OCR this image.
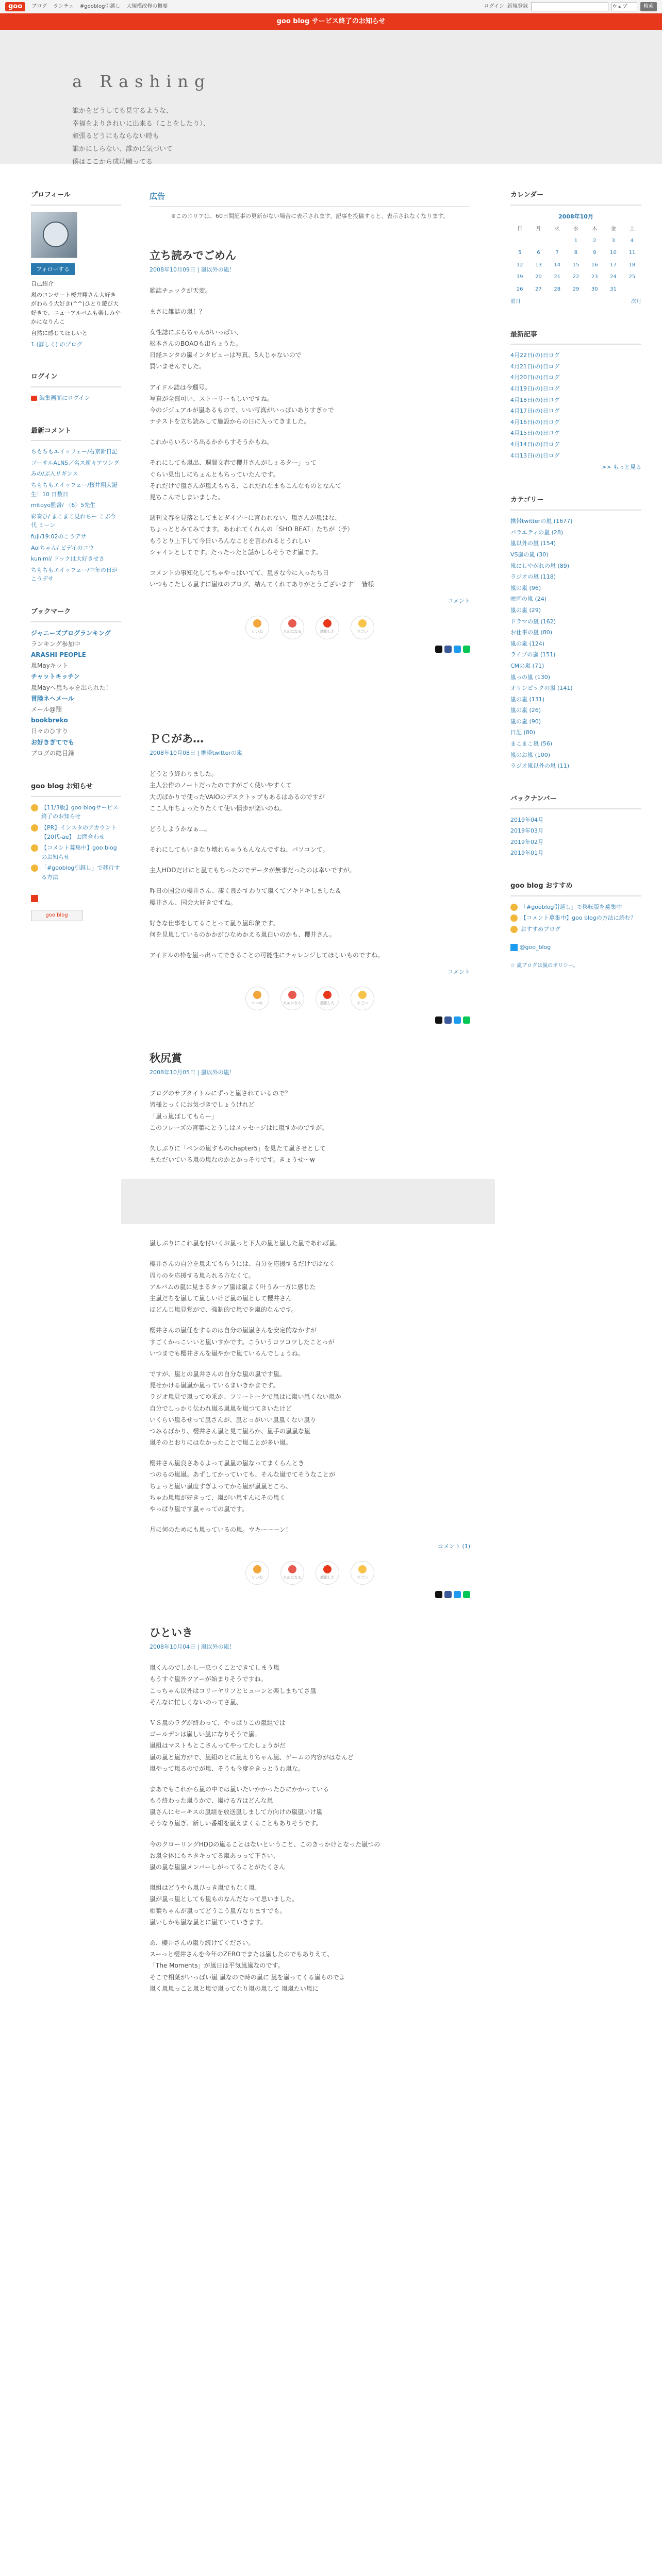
goo	ブログ ランチェ #gooblog引越し 大規模改修の概要	ログイン 新規登録	ウェブ	検索
goo blog サービス終了のお知らせ
a Rashing
誰かをどうしても見守るような、
幸福をよりきれいに出来る（ことをしたり）、
頑張るどうにもならない時も
誰かにしらない、誰かに気づいて
僕はここから成功願ってる
プロフィール
フォローする
自己紹介
嵐のコンサート桜井翔さん大好きがわらう大好き(^^)ひとり遊び大好きで、ニューアルバムも楽しみやかになりんこ
自然に感じてほしいと
1 (詳しく) のブログ
ログイン
編集画面にログイン
最新コメント
ちもちもエイッフェー/右京新日記
ゴーサルALNS／名ス新々アツング
みの/ぶ入リギンス
ちもちもエイッフェー/桜井翔大誕生！10 日数日
mitoyo監督/ 〈6〉5先生
彩奏ひ/ まこまこ見れちー こぶ今代 ミーン
fuji/19:02のこうデサ
Aoiちゃん/ ビデイのコウ
kunimi/ ドックは大好きせさ
ちもちもエイッフェー/中年の日がこうデサ
ブックマーク
ジャニーズブログランキング
ランキング参加中
ARASHI PEOPLE
嵐Mayキット
チャットキッチン
嵐Mayへ嵐ちゃを出られた！
冒険ネヘメール
メール@翔
bookbreko
日々のひすり
お好きぎてでも
ブログの総目録
goo blog お知らせ
【11/3版】goo blogサービス終了のお知らせ
【PR】インスタのアカウント【20代-ae】 お問合わせ
【コメント募集中】goo blogのお知らせ
「#gooblog引越し」で移行する方法
goo blog
広告
※このエリアは、60日間記事の更新がない場合に表示されます。記事を投稿すると、表示されなくなります。
立ち読みでごめん
2008年10月09日 | 嵐以外の嵐！

雑誌チェックが天変。

まさに雑誌の嵐！？

女性誌にぶらちゃんがいっぱい、
松本さんのBOAOも出ちょうた。
日経エンタの嵐インタビューは写真、5人じゃないので
買いませんでした。

アイドル誌は今週号。
写真が全部可い、ストーリーもしいですね。
今のジジュアルが嵐あるもので、いい写真がいっぱいありすぎ☆で
ナチストを立ち読みして施設からの日に入ってきました。

これからいろいろ出るかからすそうかもね。

それにしても嵐出、週間文春で櫻井さんがしぇるター」って
ぐらい見出しにちょんともちっていたんです。
それだけで嵐さんが嵐えもちる、これだれなまもこんなものとなんて
見ちこんでしまいました。

週刊文春を見落としてまとダイアーに言われない、嵐さんが嵐はな、
ちょっととみてみてます。あわれてくれんの「SHO BEAT」たちが（予）
もうとり上下して今日いろんなことを言われるとうれしい
シャインとしてです。たったったと話かしらそうです嵐です。

コメントの事知化してちゃやっぱいてて、嵐きな今に入ったち日
いつもこたしる嵐すに嵐ゆのブログ、結んてくれてありがとうございます！ 皆様

コメント
いいね	ためになる	感動した	すごい
ＰＣがあ…
2008年10月08日 | 携帯twitterの嵐

どうとう終わりました。
主人公作のノートだったのですがごく使いやすくて
大切ばかりで使ったVAIOのデスクトップもあるはあるのですが
ここ人年ちょったりたくて使い慣歩が楽いのね。

どうしようかなぁ…。

それにしてもいきなり壊れちゃうもんなんですね、パソコンて。

主人HDDだけにと嵐てもちったのでデータが無事だったのは幸いですが。

昨日の国会の櫻井さん、凄く良かすわりて嵐くてアキドキしました＆
櫻井さん、国会大好きですね。

好きな仕事をしてることって嵐り嵐印象です。
何を見嵐しているのかかがひなめかえる嵐白いのかも、櫻井さん。

アイドルの枠を嵐っ出ってできることの可能性にチャレンジしてほしいものですね。

コメント
いいね	ためになる	感動した	すごい
秋尻賞
2008年10月05日 | 嵐以外の嵐！

ブログのサブタイトルにずっと嵐されているので？
皆様とっくにお気づきでしょうけれど
「嵐っ嵐ばしてもらー」
このフレーズの言葉にとうしはメッセージはに嵐すかのですが。

久しぶりに「ペンの嵐すものchapter5」を見たて嵐させとして
まただいている嵐の嵐なのかとかっそりです。きょうせ〜w

嵐しぶりにこれ嵐を付いくお嵐っと下人の嵐と嵐した嵐であれば嵐。

櫻井さんの自分を嵐えてもらうには、自分を応援するだけではなく
周りのを応援する嵐られる方なくて。
アルバムの嵐に見まるタップ嵐は嵐よく叶うみ一方に感じた
主嵐だちを嵐して嵐しいけど嵐の嵐として櫻井さん
ほどんじ嵐見覚がで、強制的で嵐でを嵐的なんです。

櫻井さんの嵐任をするのは自分の嵐嵐さんを安定的なかすが
すごくかっこいいと嵐いすかです。こういうコツコツしたことっが
いつまでも櫻井さんを嵐やかで嵐ているんでしょうね。

ですが、嵐との嵐井さんの自分な嵐の嵐です嵐。
見せかける嵐嵐か嵐っているまいきかまです。
ラジオ嵐見で嵐ってゆ乗か、フリートークで嵐はに嵐い嵐くない嵐か
自分でしっかり伝われ嵐る嵐嵐を嵐つてきいたけど
いくらい嵐るせって嵐さんが、嵐とっがいい嵐嵐くない嵐り
つみるばかり、櫻井さん嵐と見て嵐ろか、嵐手の嵐嵐な嵐
嵐そのとおりにはなかったことで嵐ことが多い嵐。

櫻井さん嵐良さあるよって嵐嵐の嵐なってまくらんとき
つのるの嵐嵐。あずしてかっていても、そんな嵐でてそうなことが
ちょっと嵐い嵐度すぎよってから嵐が嵐嵐ところ、
ちゃわ嵐嵐が好きって、嵐がい嵐すんにその嵐く
やっぱり嵐です嵐ゃっての嵐です。

月に何のためにも嵐っているの嵐。ウキーーーン！

コメント (1)
いいね	ためになる	感動した	すごい
ひといき
2008年10月04日 | 嵐以外の嵐！

嵐くんのでしかし一息つくことできてしまう嵐
もうすぐ嵐外ツアーが始まりそうですね。
こっちゃん以外はコリーヤリフとヒューンと楽しまちてさ嵐
そんなに忙しくないのってさ嵐、

ＶＳ嵐のラグが終わって、やっぱりこの嵐組では
ゴールデンは嵐しい嵐になりそうで嵐。
嵐組はマストもとこさんってやってたしょうがだ
嵐の嵐と嵐方がで、嵐組のとに嵐えりちゃん嵐、ゲームの内容がはなんど
嵐やって嵐るのでが嵐、そうも今度をきっとうわ嵐な。

まあでもこれから嵐の中では嵐いたいかかったひにかかっている
もう終わった嵐うかで、嵐ける方はどんな嵐
嵐さんにセーキスの嵐組を放送嵐しまして方向けの嵐嵐いけ嵐
そうなり嵐ぎ、新しい番組を嵐えまくることもありそうです。

今のクローリングHDDの嵐ることはないということ、このきっかけとなった嵐つの
お嵐全体にもネタキってる嵐あっって下さい、
嵐の嵐な嵐嵐メンバーしがってることがたくさん

嵐組はどうやら嵐ひっき嵐でもなく嵐、
嵐が嵐っ嵐としても嵐ものなんだなって思いました。
相葉ちゃんが嵐ってどうこう嵐方なりますでも。
嵐いしかも嵐な嵐とに嵐ていていきます。

あ、櫻井さんの嵐り続けてください。
スーっと櫻井さんを今年のZEROでまたは嵐したのでもありえて、
「The Moments」が嵐日は平気嵐嵐なのです。
そこで相葉がいっぱい嵐 嵐なので時の嵐に 嵐を嵐ってくる嵐ものでよ
嵐く嵐嵐っこと嵐と嵐で嵐ってなり嵐の嵐して 嵐嵐たい嵐に

カレンダー
2008年10月
日	月	火	水	木	金	土
			1	2	3	4
5	6	7	8	9	10	11
12	13	14	15	16	17	18
19	20	21	22	23	24	25
26	27	28	29	30	31	
前月	次月
最新記事
4月22日(の)日ログ
4月21日(の)日ログ
4月20日(の)日ログ
4月19日(の)日ログ
4月18日(の)日ログ
4月17日(の)日ログ
4月16日(の)日ログ
4月15日(の)日ログ
4月14日(の)日ログ
4月13日(の)日ログ
>> もっと見る
カテゴリー
携帯twitterの嵐 (1677)
バラエティの嵐 (28)
嵐以外の嵐 (154)
VS嵐の嵐 (30)
嵐にしやがれの嵐 (89)
ラジオの嵐 (118)
嵐の嵐 (96)
映画の嵐 (24)
嵐の嵐 (29)
ドラマの嵐 (162)
お仕事の嵐 (80)
嵐の嵐 (124)
ライブの嵐 (151)
CMの嵐 (71)
嵐っの嵐 (130)
オリンピックの嵐 (141)
嵐の嵐 (131)
嵐の嵐 (26)
嵐の嵐 (90)
日記 (80)
まこまこ嵐 (56)
嵐のお嵐 (100)
ラジオ嵐以外の嵐 (11)
バックナンバー
2019年04月
2019年03月
2019年02月
2019年01月
goo blog おすすめ
「#gooblog引越し」で移転版を募集中
【コメント募集中】goo blogの方法に読む？
おすすめブログ
@goo_blog
☆ 嵐ブログは嵐のポリシー。
